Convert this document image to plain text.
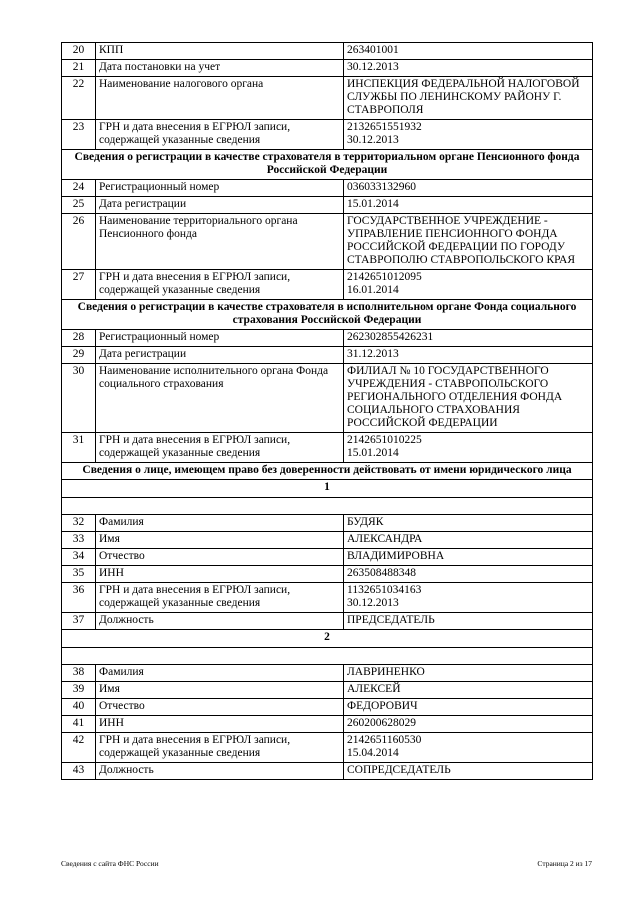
20	КПП	263401001
21	Дата постановки на учет	30.12.2013
22	Наименование налогового органа	ИНСПЕКЦИЯ ФЕДЕРАЛЬНОЙ НАЛОГОВОЙ СЛУЖБЫ ПО ЛЕНИНСКОМУ РАЙОНУ Г. СТАВРОПОЛЯ
23	ГРН и дата внесения в ЕГРЮЛ записи, содержащей указанные сведения	2132651551932
30.12.2013
Сведения о регистрации в качестве страхователя в территориальном органе Пенсионного фонда Российской Федерации		
24	Регистрационный номер	036033132960
25	Дата регистрации	15.01.2014
26	Наименование территориального органа Пенсионного фонда	ГОСУДАРСТВЕННОЕ УЧРЕЖДЕНИЕ - УПРАВЛЕНИЕ ПЕНСИОННОГО ФОНДА РОССИЙСКОЙ ФЕДЕРАЦИИ ПО ГОРОДУ СТАВРОПОЛЮ СТАВРОПОЛЬСКОГО КРАЯ
27	ГРН и дата внесения в ЕГРЮЛ записи, содержащей указанные сведения	2142651012095
16.01.2014
Сведения о регистрации в качестве страхователя в исполнительном органе Фонда социального страхования Российской Федерации		
28	Регистрационный номер	262302855426231
29	Дата регистрации	31.12.2013
30	Наименование исполнительного органа Фонда социального страхования	ФИЛИАЛ № 10 ГОСУДАРСТВЕННОГО УЧРЕЖДЕНИЯ - СТАВРОПОЛЬСКОГО РЕГИОНАЛЬНОГО ОТДЕЛЕНИЯ ФОНДА СОЦИАЛЬНОГО СТРАХОВАНИЯ РОССИЙСКОЙ ФЕДЕРАЦИИ
31	ГРН и дата внесения в ЕГРЮЛ записи, содержащей указанные сведения	2142651010225
15.01.2014
Сведения о лице, имеющем право без доверенности действовать от имени юридического лица		
1		

32	Фамилия	БУДЯК
33	Имя	АЛЕКСАНДРА
34	Отчество	ВЛАДИМИРОВНА
35	ИНН	263508488348
36	ГРН и дата внесения в ЕГРЮЛ записи, содержащей указанные сведения	1132651034163
30.12.2013
37	Должность	ПРЕДСЕДАТЕЛЬ
2		

38	Фамилия	ЛАВРИНЕНКО
39	Имя	АЛЕКСЕЙ
40	Отчество	ФЕДОРОВИЧ
41	ИНН	260200628029
42	ГРН и дата внесения в ЕГРЮЛ записи, содержащей указанные сведения	2142651160530
15.04.2014
43	Должность	СОПРЕДСЕДАТЕЛЬ
Сведения с сайта ФНС России	Страница 2 из 17
